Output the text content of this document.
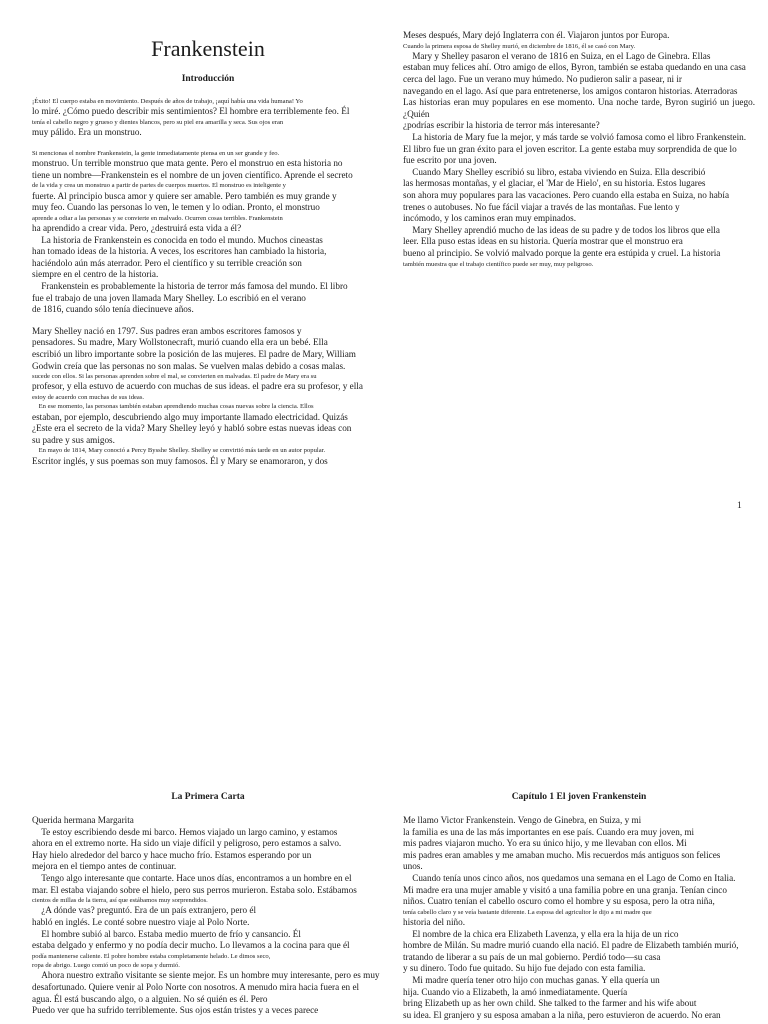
Frankenstein
Introducción
¡Éxito! El cuerpo estaba en movimiento. Después de años de trabajo, ¡aquí había una vida humana! Yo
lo miré. ¿Cómo puedo describir mis sentimientos? El hombre era terriblemente feo. Él
tenía el cabello negro y grueso y dientes blancos, pero su piel era amarilla y seca. Sus ojos eran
muy pálido. Era un monstruo.
Si mencionas el nombre Frankenstein, la gente inmediatamente piensa en un ser grande y feo.
monstruo. Un terrible monstruo que mata gente. Pero el monstruo en esta historia no
tiene un nombre—Frankenstein es el nombre de un joven científico. Aprende el secreto
de la vida y crea un monstruo a partir de partes de cuerpos muertos. El monstruo es inteligente y
fuerte. Al principio busca amor y quiere ser amable. Pero también es muy grande y
muy feo. Cuando las personas lo ven, le temen y lo odian. Pronto, el monstruo
aprende a odiar a las personas y se convierte en malvado. Ocurren cosas terribles. Frankenstein
ha aprendido a crear vida. Pero, ¿destruirá esta vida a él?
 La historia de Frankenstein es conocida en todo el mundo. Muchos cineastas
han tomado ideas de la historia. A veces, los escritores han cambiado la historia,
haciéndolo aún más aterrador. Pero el científico y su terrible creación son
siempre en el centro de la historia.
 Frankenstein es probablemente la historia de terror más famosa del mundo. El libro
fue el trabajo de una joven llamada Mary Shelley. Lo escribió en el verano
de 1816, cuando sólo tenía diecinueve años.
Mary Shelley nació en 1797. Sus padres eran ambos escritores famosos y
pensadores. Su madre, Mary Wollstonecraft, murió cuando ella era un bebé. Ella
escribió un libro importante sobre la posición de las mujeres. El padre de Mary, William
Godwin creía que las personas no son malas. Se vuelven malas debido a cosas malas.
sucede con ellos. Si las personas aprenden sobre el mal, se convierten en malvadas. El padre de Mary era su
profesor, y ella estuvo de acuerdo con muchas de sus ideas. el padre era su profesor, y ella
estoy de acuerdo con muchas de sus ideas.
 En ese momento, las personas también estaban aprendiendo muchas cosas nuevas sobre la ciencia. Ellos
estaban, por ejemplo, descubriendo algo muy importante llamado electricidad. Quizás
¿Este era el secreto de la vida? Mary Shelley leyó y habló sobre estas nuevas ideas con
su padre y sus amigos.
 En mayo de 1814, Mary conoció a Percy Bysshe Shelley. Shelley se convirtió más tarde en un autor popular.
Escritor inglés, y sus poemas son muy famosos. Él y Mary se enamoraron, y dos
Meses después, Mary dejó Inglaterra con él. Viajaron juntos por Europa.
Cuando la primera esposa de Shelley murió, en diciembre de 1816, él se casó con Mary.
 Mary y Shelley pasaron el verano de 1816 en Suiza, en el Lago de Ginebra. Ellas
estaban muy felices ahí. Otro amigo de ellos, Byron, también se estaba quedando en una casa
cerca del lago. Fue un verano muy húmedo. No pudieron salir a pasear, ni ir
navegando en el lago. Así que para entretenerse, los amigos contaron historias. Aterradoras
Las historias eran muy populares en ese momento. Una noche tarde, Byron sugirió un juego. ¿Quién
¿podrías escribir la historia de terror más interesante?
 La historia de Mary fue la mejor, y más tarde se volvió famosa como el libro Frankenstein.
El libro fue un gran éxito para el joven escritor. La gente estaba muy sorprendida de que lo
fue escrito por una joven.
 Cuando Mary Shelley escribió su libro, estaba viviendo en Suiza. Ella describió
las hermosas montañas, y el glaciar, el 'Mar de Hielo', en su historia. Estos lugares
son ahora muy populares para las vacaciones. Pero cuando ella estaba en Suiza, no había
trenes o autobuses. No fue fácil viajar a través de las montañas. Fue lento y
incómodo, y los caminos eran muy empinados.
 Mary Shelley aprendió mucho de las ideas de su padre y de todos los libros que ella
leer. Ella puso estas ideas en su historia. Quería mostrar que el monstruo era
bueno al principio. Se volvió malvado porque la gente era estúpida y cruel. La historia
también muestra que el trabajo científico puede ser muy, muy peligroso.
1
La Primera Carta
Querida hermana Margarita
 Te estoy escribiendo desde mi barco. Hemos viajado un largo camino, y estamos
ahora en el extremo norte. Ha sido un viaje difícil y peligroso, pero estamos a salvo.
Hay hielo alrededor del barco y hace mucho frío. Estamos esperando por un
mejora en el tiempo antes de continuar.
 Tengo algo interesante que contarte. Hace unos días, encontramos a un hombre en el
mar. El estaba viajando sobre el hielo, pero sus perros murieron. Estaba solo. Estábamos
cientos de millas de la tierra, así que estábamos muy sorprendidos.
 ¿A dónde vas? preguntó. Era de un país extranjero, pero él
habló en inglés. Le conté sobre nuestro viaje al Polo Norte.
 El hombre subió al barco. Estaba medio muerto de frío y cansancio. Él
estaba delgado y enfermo y no podía decir mucho. Lo llevamos a la cocina para que él
podía mantenerse caliente. El pobre hombre estaba completamente helado. Le dimos seco,
ropa de abrigo. Luego comió un poco de sopa y durmió.
 Ahora nuestro extraño visitante se siente mejor. Es un hombre muy interesante, pero es muy
desafortunado. Quiere venir al Polo Norte con nosotros. A menudo mira hacia fuera en el
agua. Él está buscando algo, o a alguien. No sé quién es él. Pero
Puedo ver que ha sufrido terriblemente. Sus ojos están tristes y a veces parece
Capítulo 1 El joven Frankenstein
Me llamo Victor Frankenstein. Vengo de Ginebra, en Suiza, y mi
la familia es una de las más importantes en ese país. Cuando era muy joven, mi
mis padres viajaron mucho. Yo era su único hijo, y me llevaban con ellos. Mi
mis padres eran amables y me amaban mucho. Mis recuerdos más antiguos son felices
unos.
 Cuando tenía unos cinco años, nos quedamos una semana en el Lago de Como en Italia.
Mi madre era una mujer amable y visitó a una familia pobre en una granja. Tenían cinco
niños. Cuatro tenían el cabello oscuro como el hombre y su esposa, pero la otra niña,
tenía cabello claro y se veía bastante diferente. La esposa del agricultor le dijo a mi madre que
historia del niño.
 El nombre de la chica era Elizabeth Lavenza, y ella era la hija de un rico
hombre de Milán. Su madre murió cuando ella nació. El padre de Elizabeth también murió,
tratando de liberar a su país de un mal gobierno. Perdió todo—su casa
y su dinero. Todo fue quitado. Su hijo fue dejado con esta familia.
 Mi madre quería tener otro hijo con muchas ganas. Y ella quería un
hija. Cuando vio a Elizabeth, la amó inmediatamente. Quería
bring Elizabeth up as her own child. She talked to the farmer and his wife about
su idea. El granjero y su esposa amaban a la niña, pero estuvieron de acuerdo. No eran
